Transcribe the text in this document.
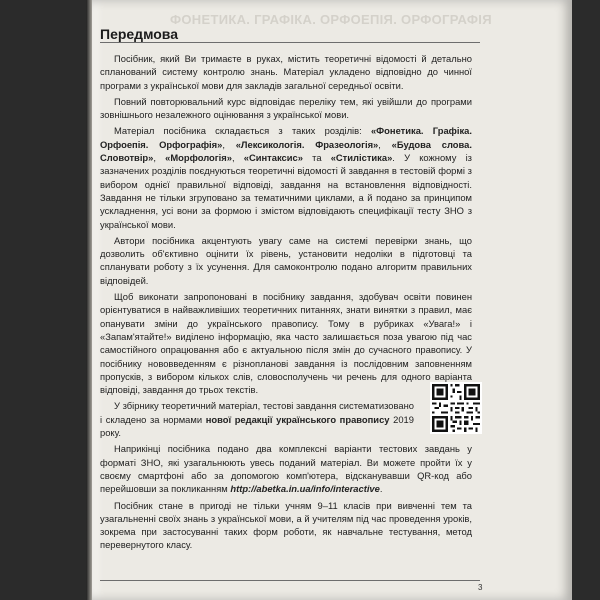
ФОНЕТИКА. ГРАФІКА. ОРФОЕПІЯ. ОРФОГРАФІЯ
Передмова

Посібник, який Ви тримаєте в руках, містить теоретичні відомості й детально спланований систему контролю знань. Матеріал укладено відповідно до чинної програми з української мови для закладів загальної середньої освіти.

Повний повторювальний курс відповідає переліку тем, які увійшли до програми зовнішнього незалежного оцінювання з української мови.

Матеріал посібника складається з таких розділів: «Фонетика. Графіка. Орфоепія. Орфографія», «Лексикологія. Фразеологія», «Будова слова. Словотвір», «Морфологія», «Синтаксис» та «Стилістика». У кожному із зазначених розділів поєднуються теоретичні відомості й завдання в тестовій формі з вибором однієї правильної відповіді, завдання на встановлення відповідності. Завдання не тільки згруповано за тематичними циклами, а й подано за принципом ускладнення, усі вони за формою і змістом відповідають специфікації тесту ЗНО з української мови.

Автори посібника акцентують увагу саме на системі перевірки знань, що дозволить об'єктивно оцінити їх рівень, установити недоліки в підготовці та спланувати роботу з їх усунення. Для самоконтролю подано алгоритм правильних відповідей.

Щоб виконати запропоновані в посібнику завдання, здобувач освіти повинен орієнтуватися в найважливіших теоретичних питаннях, знати винятки з правил, має опанувати зміни до українського правопису. Тому в рубриках «Увага!» і «Запам'ятайте!» виділено інформацію, яка часто залишається поза увагою під час самостійного опрацювання або є актуальною після змін до сучасного правопису. У посібнику нововведенням є різнопланові завдання із послідовним заповненням пропусків, з вибором кількох слів, словосполучень чи речень для одного варіанта відповіді, завдання до трьох текстів.

У збірнику теоретичний матеріал, тестові завдання систематизовано і складено за нормами нової редакції українського правопису 2019 року.

Наприкінці посібника подано два комплексні варіанти тестових завдань у форматі ЗНО, які узагальнюють увесь поданий матеріал. Ви можете пройти їх у своєму смартфоні або за допомогою комп'ютера, відсканувавши QR-код або перейшовши за покликанням http://abetka.in.ua/info/interactive.

Посібник стане в пригоді не тільки учням 9–11 класів при вивченні тем та узагальненні своїх знань з української мови, а й учителям під час проведення уроків, зокрема при застосуванні таких форм роботи, як навчальне тестування, метод перевернутого класу.

3
